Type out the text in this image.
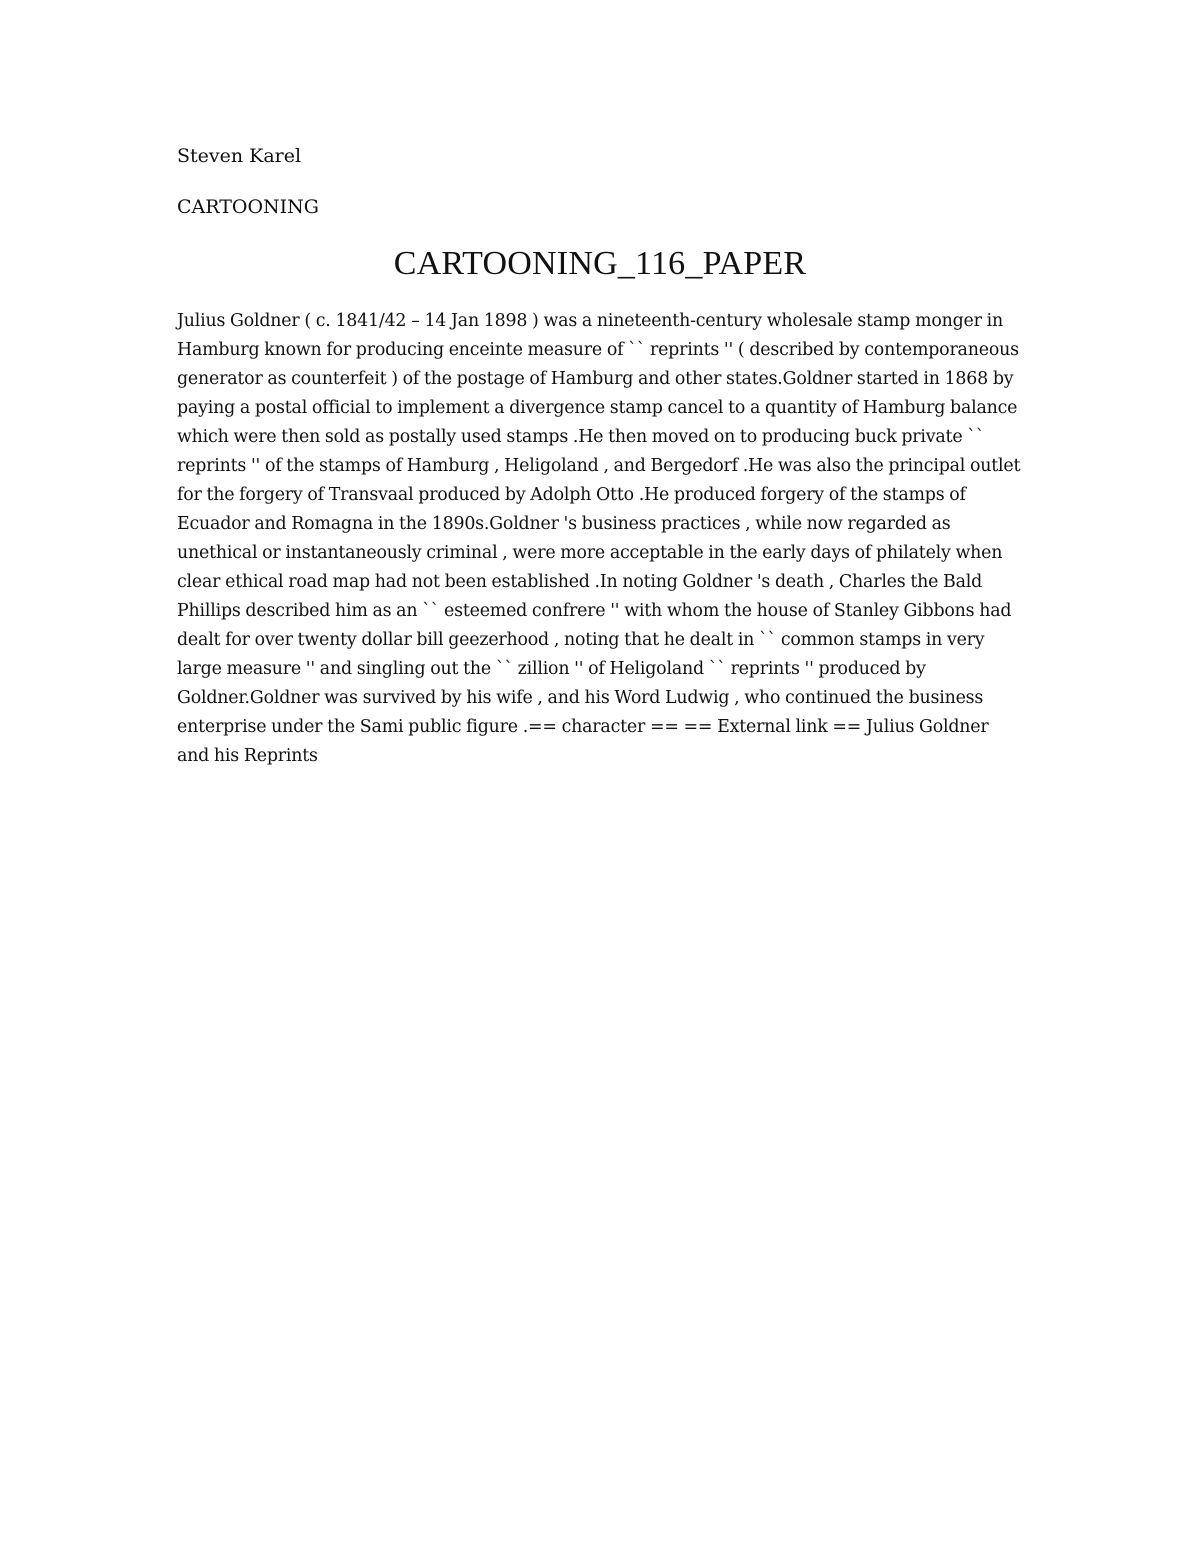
Steven Karel

CARTOONING

CARTOONING_116_PAPER

Julius Goldner ( c. 1841/42 – 14 Jan 1898 ) was a nineteenth-century wholesale stamp monger in Hamburg known for producing enceinte measure of `` reprints '' ( described by contemporaneous generator as counterfeit ) of the postage of Hamburg and other states.Goldner started in 1868 by paying a postal official to implement a divergence stamp cancel to a quantity of Hamburg balance which were then sold as postally used stamps .He then moved on to producing buck private `` reprints '' of the stamps of Hamburg , Heligoland , and Bergedorf .He was also the principal outlet for the forgery of Transvaal produced by Adolph Otto .He produced forgery of the stamps of Ecuador and Romagna in the 1890s.Goldner 's business practices , while now regarded as unethical or instantaneously criminal , were more acceptable in the early days of philately when clear ethical road map had not been established .In noting Goldner 's death , Charles the Bald Phillips described him as an `` esteemed confrere '' with whom the house of Stanley Gibbons had dealt for over twenty dollar bill geezerhood , noting that he dealt in `` common stamps in very large measure '' and singling out the `` zillion '' of Heligoland `` reprints '' produced by Goldner.Goldner was survived by his wife , and his Word Ludwig , who continued the business enterprise under the Sami public figure .== character == == External link == Julius Goldner and his Reprints
